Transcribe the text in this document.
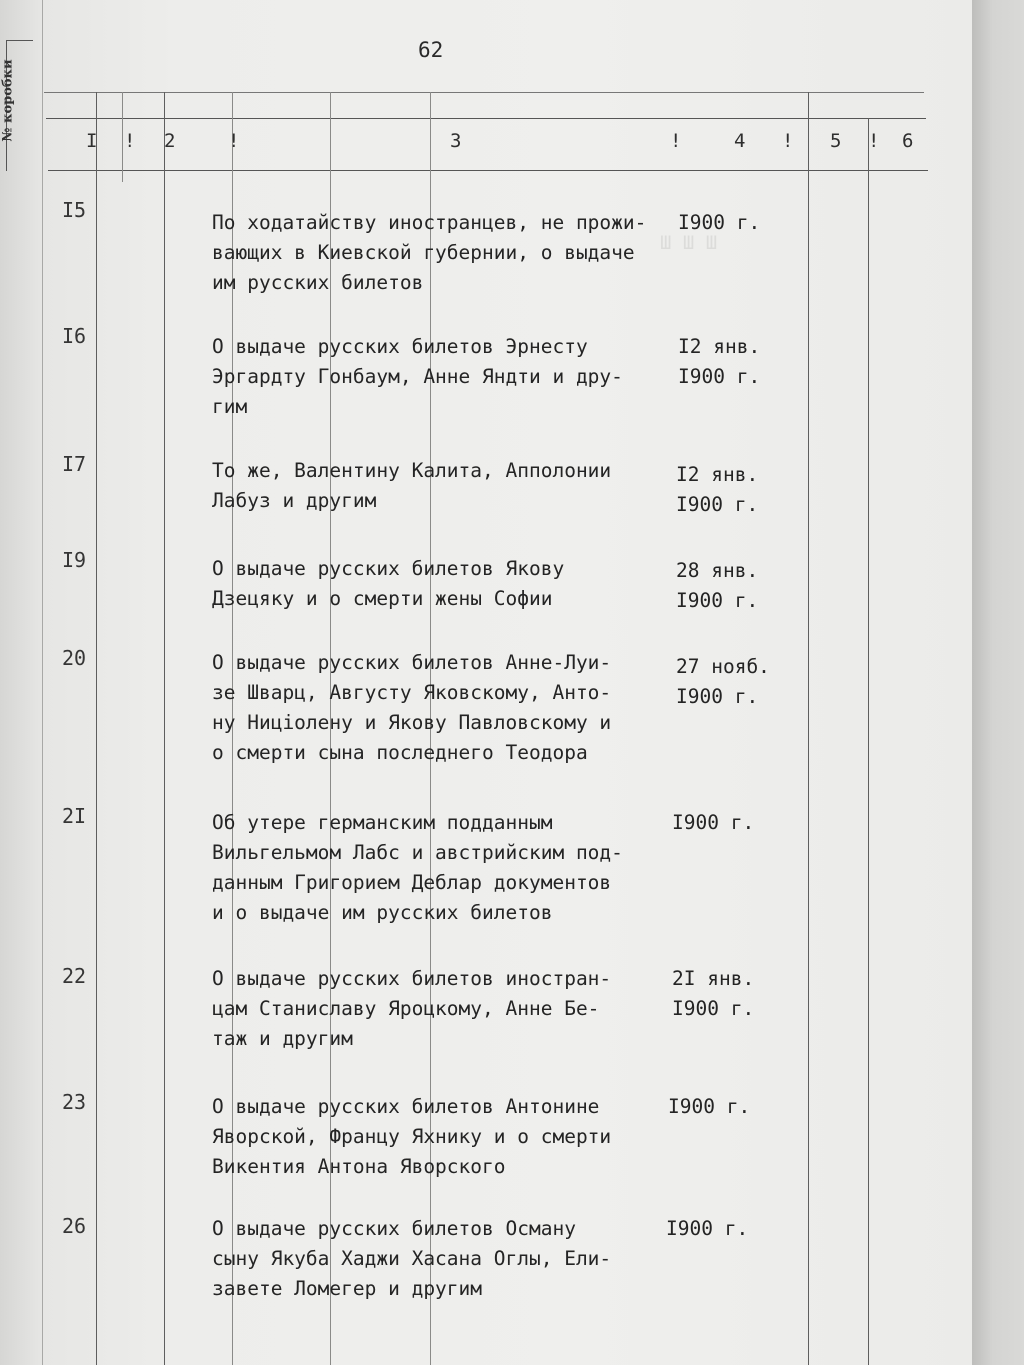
№ коробки
Ш Ш Ш
62
I ! 2	!	3	!	4 ! 5 ! 6
I5
По ходатайству иностранцев, не прожи-
вающих в Киевской губернии, о выдаче
им русских билетов
I900 г.
I6	О выдаче русских билетов Эрнесту
Эргардту Гонбаум, Анне Яндти и дру-
гим
I2 янв.
I900 г.
I7	То же, Валентину Калита, Апполонии
Лабуз и другим
I2 янв.
I900 г.
I9	О выдаче русских билетов Якову
Дзецяку и о смерти жены Софии
28 янв.
I900 г.
20	О выдаче русских билетов Анне-Луи-
зе Шварц, Августу Яковскому, Анто-
ну Ницiолену и Якову Павловскому и
о смерти сына последнего Теодора
27 нояб.
I900 г.
2I	Об утере германским подданным
Вильгельмом Лабс и австрийским под-
данным Григорием Деблар документов
и о выдаче им русских билетов
I900 г.
22	О выдаче русских билетов иностран-
цам Станиславу Яроцкому, Анне Бе-
таж и другим
2I янв.
I900 г.
23	О выдаче русских билетов Антонине
Яворской, Францу Яхнику и о смерти
Викентия Антона Яворского
I900 г.
26	О выдаче русских билетов Осману
сыну Якуба Хаджи Хасана Оглы, Ели-
завете Ломегер и другим
I900 г.
